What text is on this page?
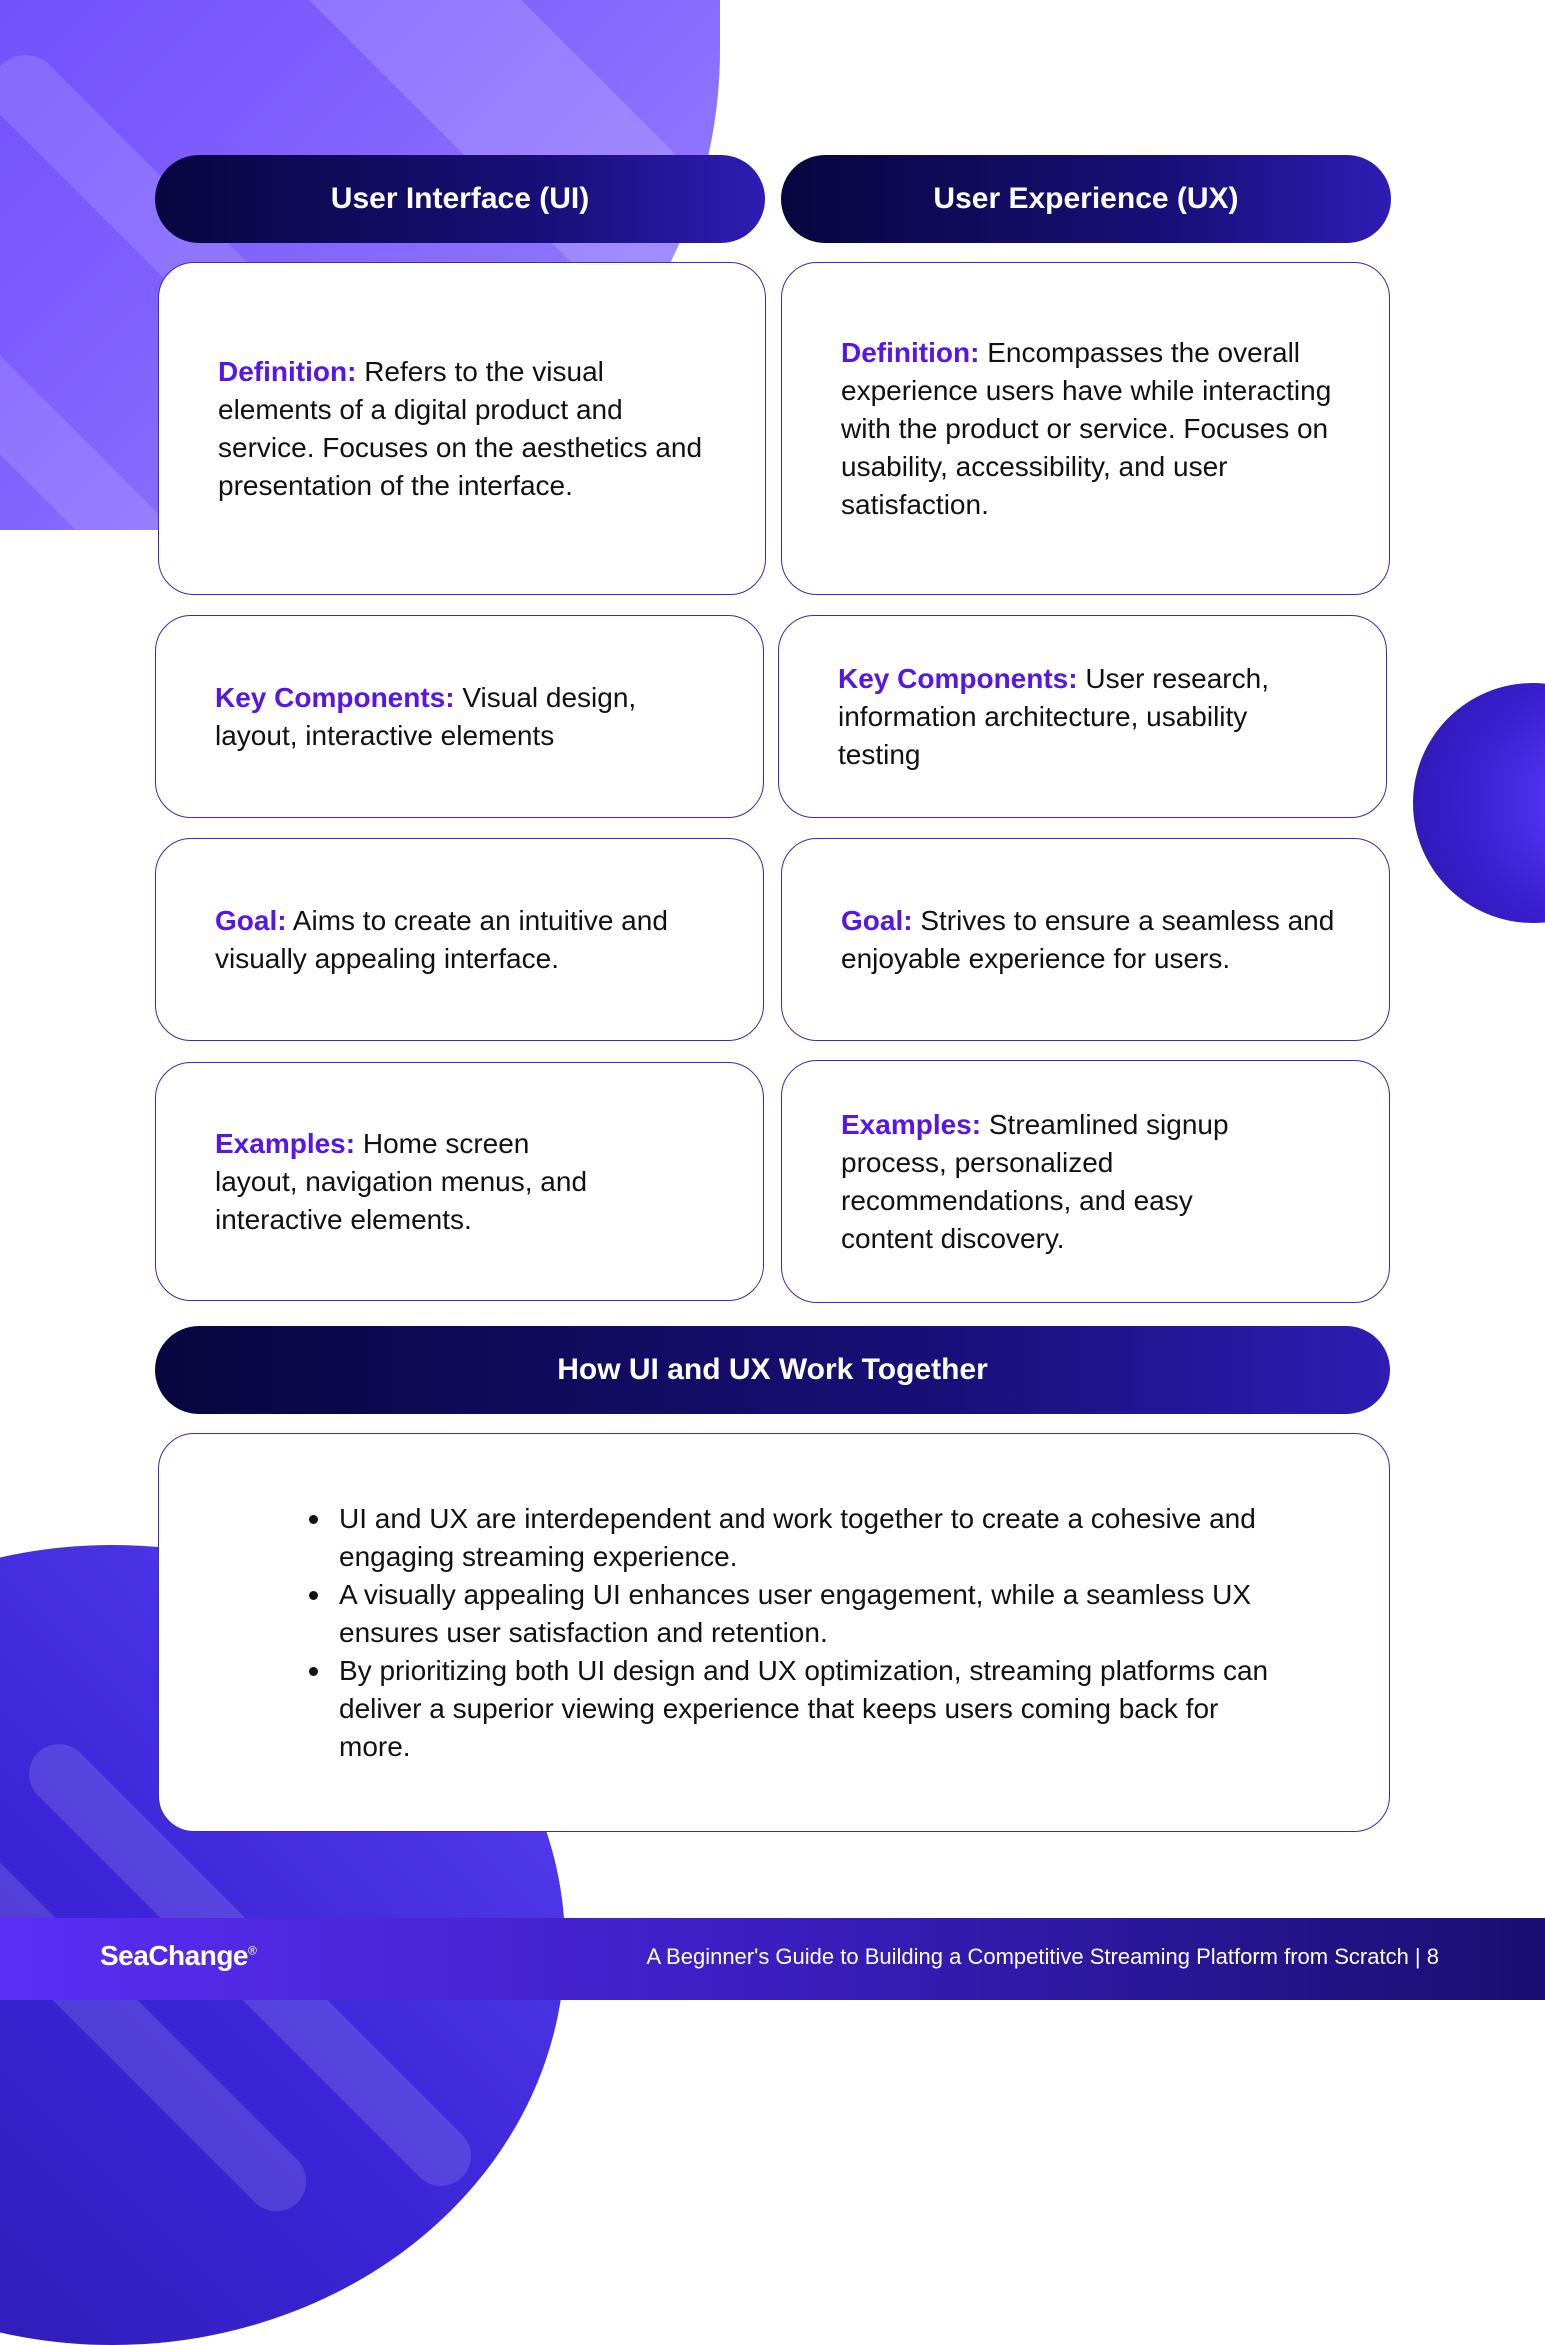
User Interface (UI)	User Experience (UX)

Definition: Refers to the visual elements of a digital product and service. Focuses on the aesthetics and presentation of the interface.

Definition: Encompasses the overall experience users have while interacting with the product or service. Focuses on usability, accessibility, and user satisfaction.

Key Components: Visual design, layout, interactive elements

Key Components: User research, information architecture, usability testing

Goal: Aims to create an intuitive and visually appealing interface.

Goal: Strives to ensure a seamless and enjoyable experience for users.

Examples: Home screen layout, navigation menus, and interactive elements.

Examples: Streamlined signup process, personalized recommendations, and easy content discovery.

How UI and UX Work Together
UI and UX are interdependent and work together to create a cohesive and engaging streaming experience.
A visually appealing UI enhances user engagement, while a seamless UX ensures user satisfaction and retention.
By prioritizing both UI design and UX optimization, streaming platforms can deliver a superior viewing experience that keeps users coming back for more.
SeaChange®	A Beginner's Guide to Building a Competitive Streaming Platform from Scratch | 8
